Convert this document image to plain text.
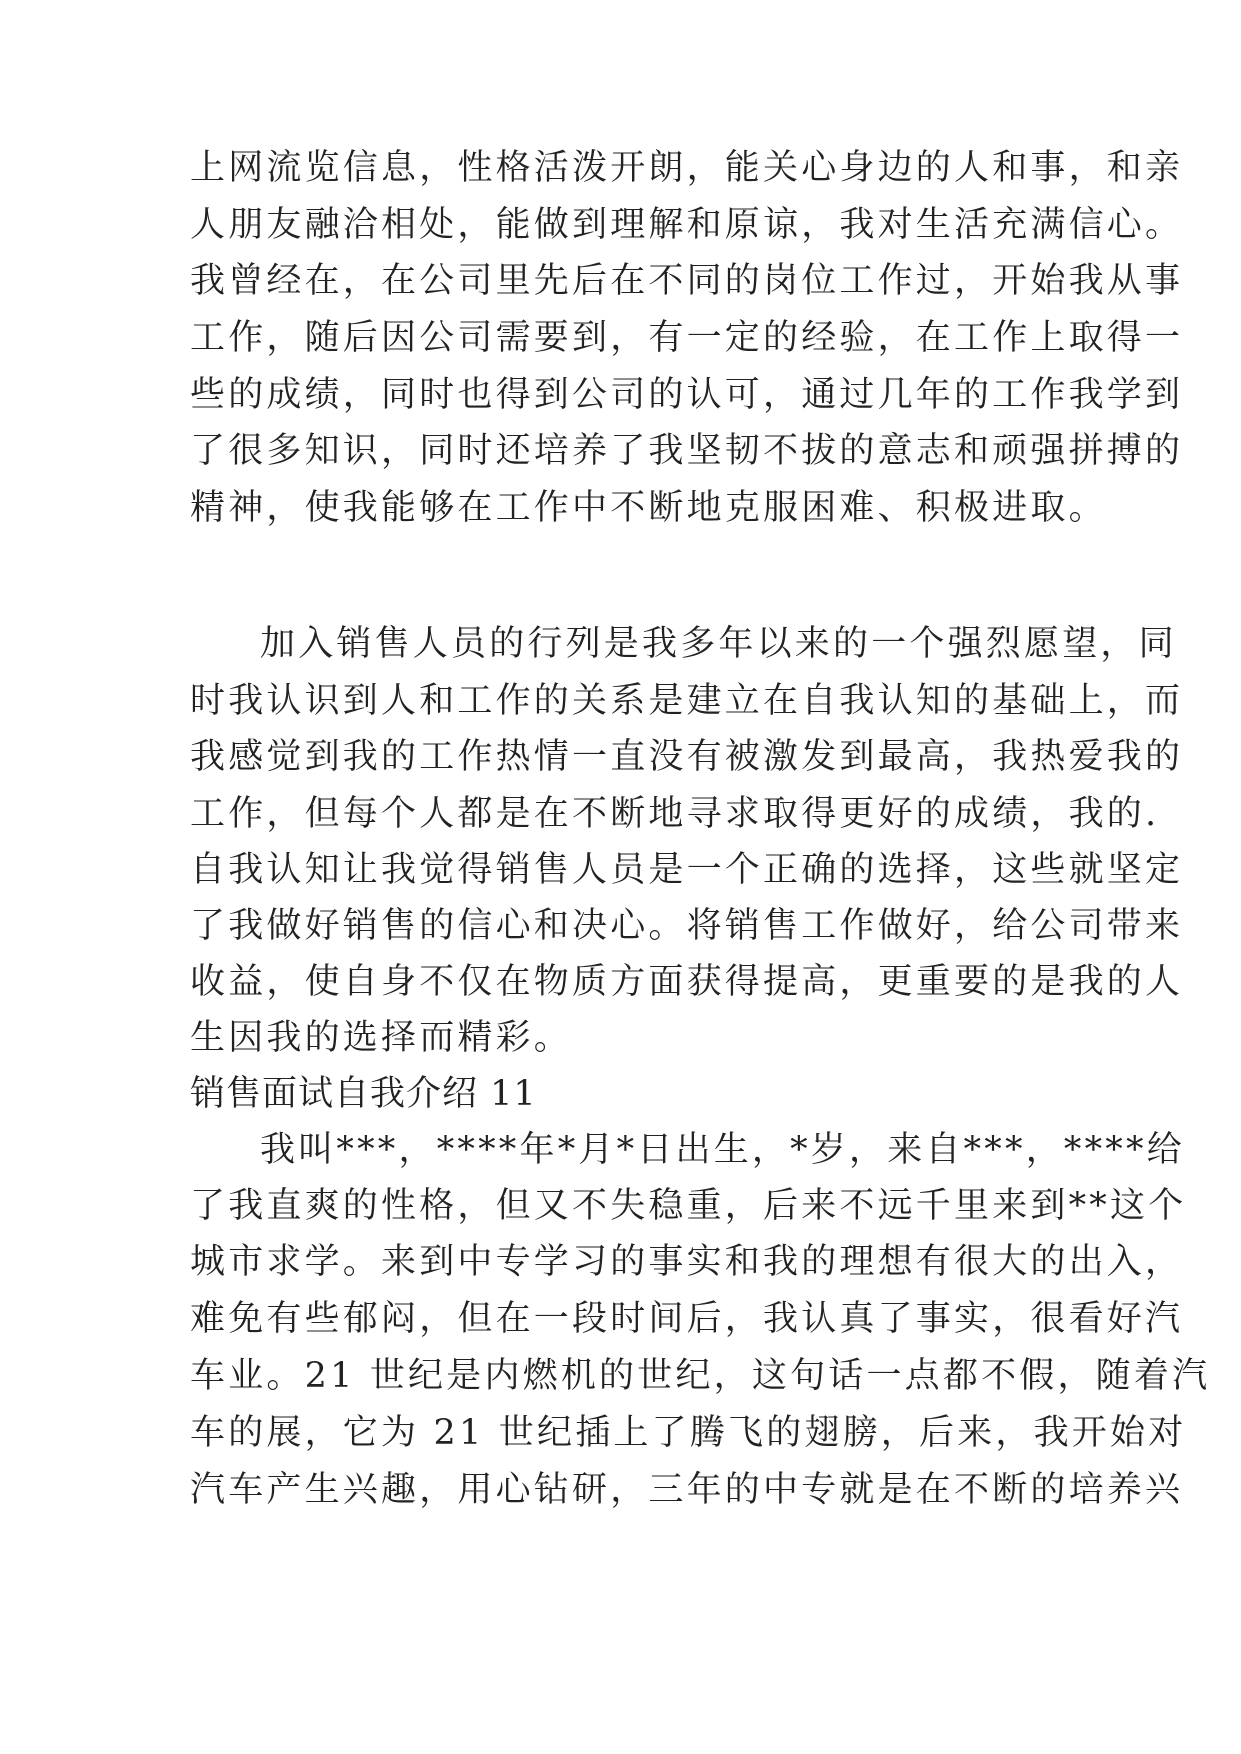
上网流览信息，性格活泼开朗，能关心身边的人和事，和亲
人朋友融洽相处，能做到理解和原谅，我对生活充满信心。
我曾经在，在公司里先后在不同的岗位工作过，开始我从事
工作，随后因公司需要到，有一定的经验，在工作上取得一
些的成绩，同时也得到公司的认可，通过几年的工作我学到
了很多知识，同时还培养了我坚韧不拔的意志和顽强拼搏的
精神，使我能够在工作中不断地克服困难、积极进取。
加入销售人员的行列是我多年以来的一个强烈愿望，同
时我认识到人和工作的关系是建立在自我认知的基础上，而
我感觉到我的工作热情一直没有被激发到最高，我热爱我的
工作，但每个人都是在不断地寻求取得更好的成绩，我的.
自我认知让我觉得销售人员是一个正确的选择，这些就坚定
了我做好销售的信心和决心。将销售工作做好，给公司带来
收益，使自身不仅在物质方面获得提高，更重要的是我的人
生因我的选择而精彩。
销售面试自我介绍 11
我叫***，****年*月*日出生，*岁，来自***，****给
了我直爽的性格，但又不失稳重，后来不远千里来到**这个
城市求学。来到中专学习的事实和我的理想有很大的出入，
难免有些郁闷，但在一段时间后，我认真了事实，很看好汽
车业。21 世纪是内燃机的世纪，这句话一点都不假，随着汽
车的展，它为 21 世纪插上了腾飞的翅膀，后来，我开始对
汽车产生兴趣，用心钻研，三年的中专就是在不断的培养兴
